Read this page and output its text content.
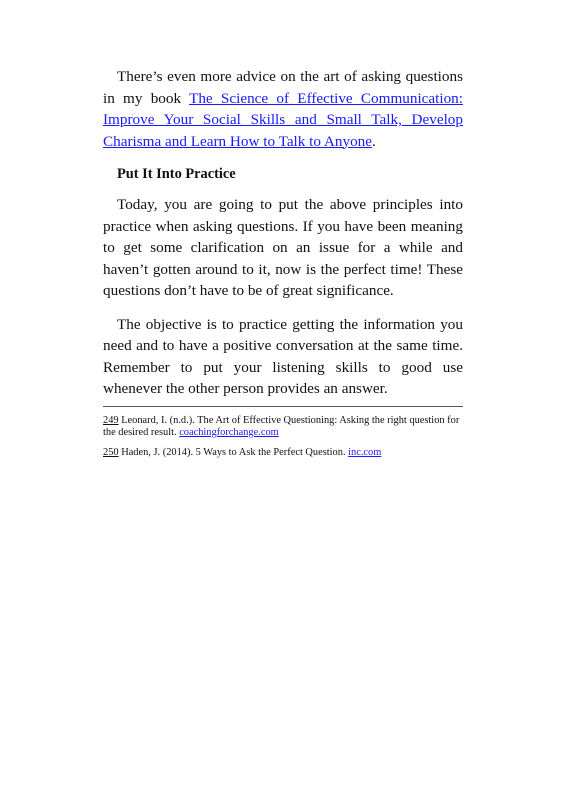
There’s even more advice on the art of asking questions in my book The Science of Effective Communication: Improve Your Social Skills and Small Talk, Develop Charisma and Learn How to Talk to Anyone.

Put It Into Practice

Today, you are going to put the above principles into practice when asking questions. If you have been meaning to get some clarification on an issue for a while and haven’t gotten around to it, now is the perfect time! These questions don’t have to be of great significance.

The objective is to practice getting the information you need and to have a positive conversation at the same time. Remember to put your listening skills to good use whenever the other person provides an answer.

249 Leonard, I. (n.d.). The Art of Effective Questioning: Asking the right question for the desired result. coachingforchange.com

250 Haden, J. (2014). 5 Ways to Ask the Perfect Question. inc.com
